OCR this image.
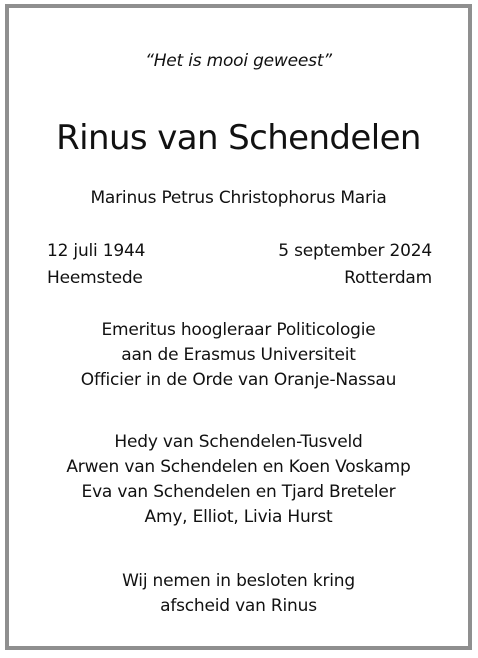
“Het is mooi geweest”
Rinus van Schendelen
Marinus Petrus Christophorus Maria
12 juli 1944
Heemstede
5 september 2024
Rotterdam
Emeritus hoogleraar Politicologie
aan de Erasmus Universiteit
Officier in de Orde van Oranje-Nassau
Hedy van Schendelen-Tusveld
Arwen van Schendelen en Koen Voskamp
Eva van Schendelen en Tjard Breteler
Amy, Elliot, Livia Hurst
Wij nemen in besloten kring
afscheid van Rinus
